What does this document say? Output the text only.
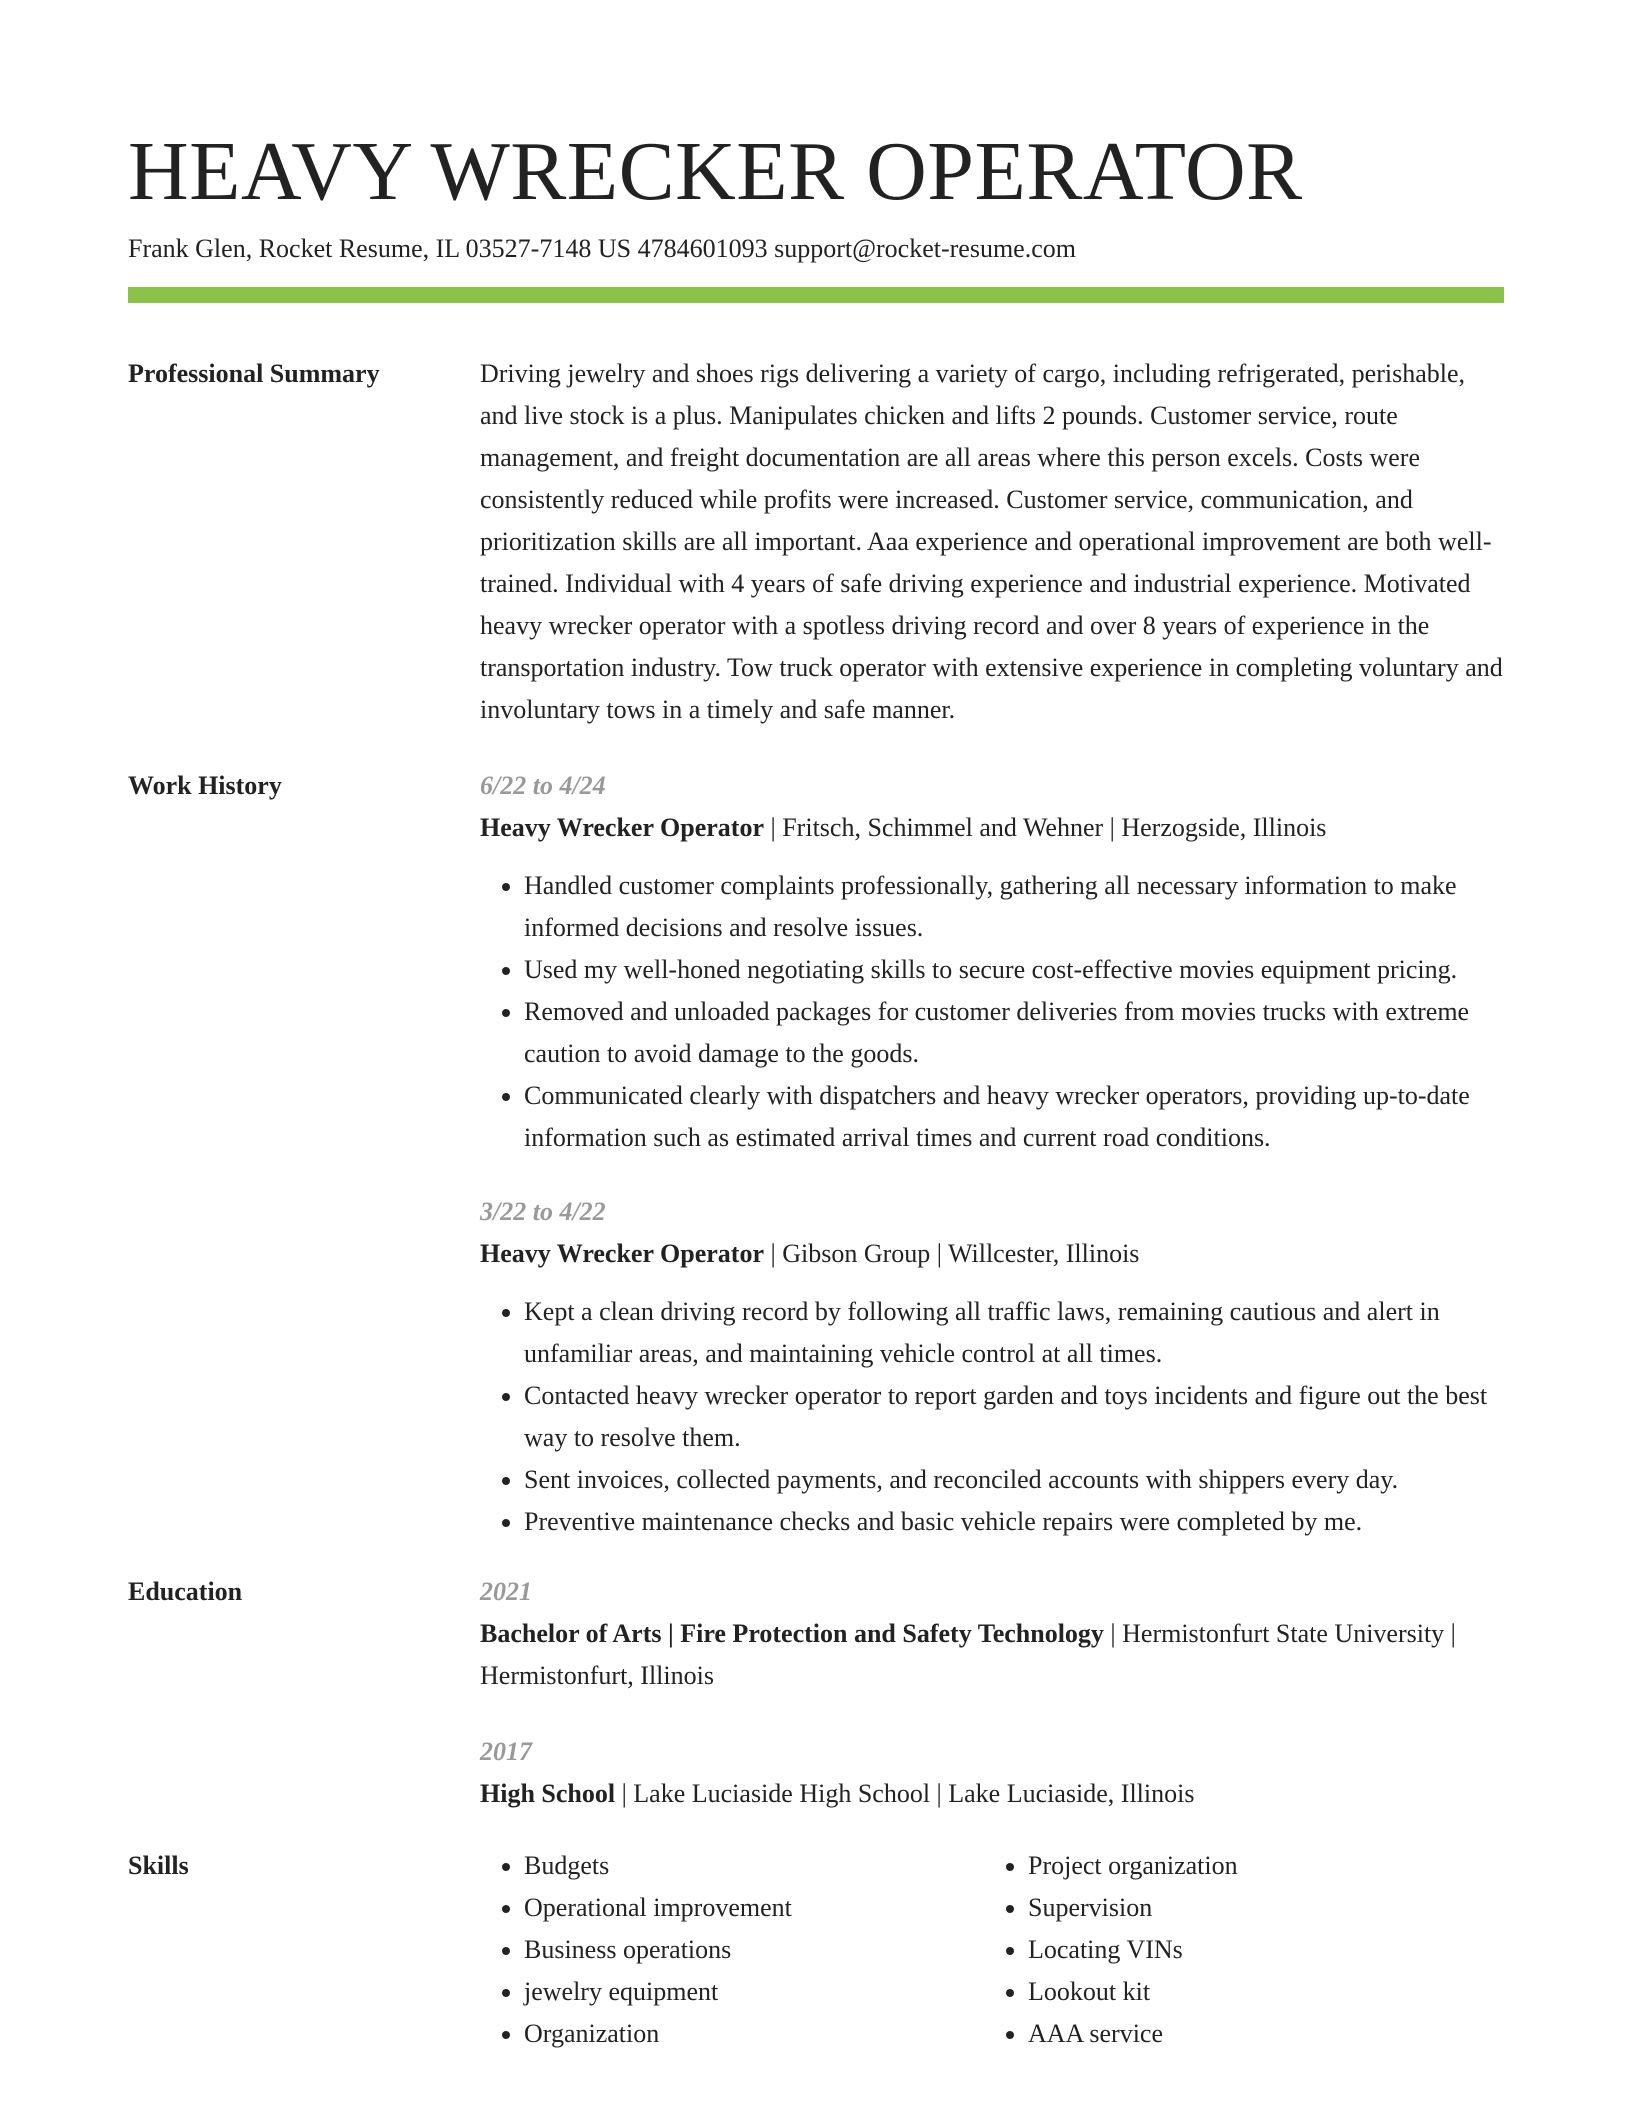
HEAVY WRECKER OPERATOR
Frank Glen, Rocket Resume, IL 03527-7148 US 4784601093 support@rocket-resume.com
Professional Summary	Driving jewelry and shoes rigs delivering a variety of cargo, including refrigerated, perishable, and live stock is a plus. Manipulates chicken and lifts 2 pounds. Customer service, route management, and freight documentation are all areas where this person excels. Costs were consistently reduced while profits were increased. Customer service, communication, and prioritization skills are all important. Aaa experience and operational improvement are both well-trained. Individual with 4 years of safe driving experience and industrial experience. Motivated heavy wrecker operator with a spotless driving record and over 8 years of experience in the transportation industry. Tow truck operator with extensive experience in completing voluntary and involuntary tows in a timely and safe manner.
Work History	6/22 to 4/24
Heavy Wrecker Operator | Fritsch, Schimmel and Wehner | Herzogside, Illinois
• Handled customer complaints professionally, gathering all necessary information to make informed decisions and resolve issues.
• Used my well-honed negotiating skills to secure cost-effective movies equipment pricing.
• Removed and unloaded packages for customer deliveries from movies trucks with extreme caution to avoid damage to the goods.
• Communicated clearly with dispatchers and heavy wrecker operators, providing up-to-date information such as estimated arrival times and current road conditions.
3/22 to 4/22
Heavy Wrecker Operator | Gibson Group | Willcester, Illinois
• Kept a clean driving record by following all traffic laws, remaining cautious and alert in unfamiliar areas, and maintaining vehicle control at all times.
• Contacted heavy wrecker operator to report garden and toys incidents and figure out the best way to resolve them.
• Sent invoices, collected payments, and reconciled accounts with shippers every day.
• Preventive maintenance checks and basic vehicle repairs were completed by me.
Education	2021
Bachelor of Arts | Fire Protection and Safety Technology | Hermistonfurt State University | Hermistonfurt, Illinois
2017
High School | Lake Luciaside High School | Lake Luciaside, Illinois
Skills
•	Budgets
• Operational improvement
• Business operations
• jewelry equipment
• Organization
• Project organization
• Supervision
• Locating VINs
• Lookout kit
• AAA service
